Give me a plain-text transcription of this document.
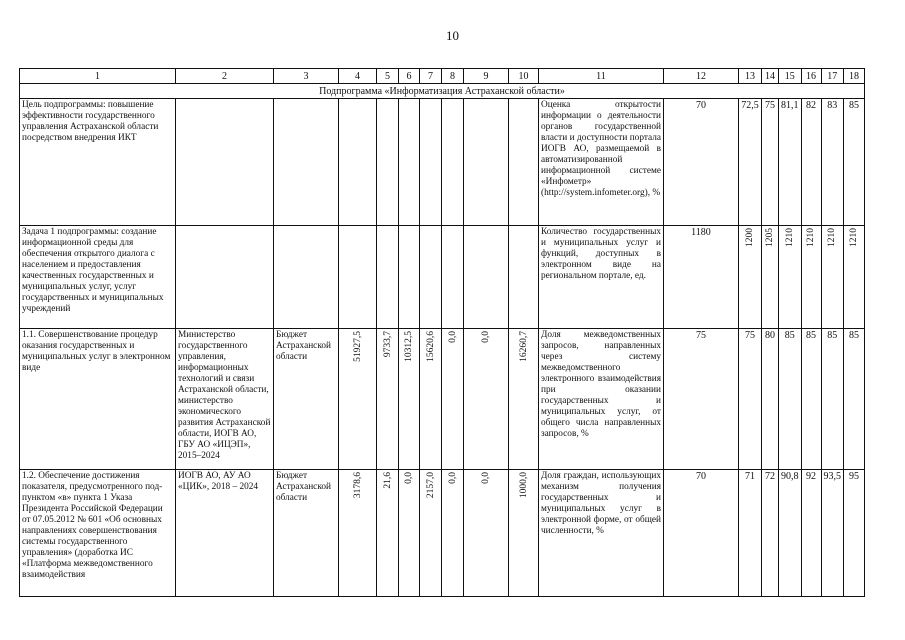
10
1	2	3	4	5	6	7	8	9	10	11	12	13	14	15	16	17	18
Подпрограмма «Информатизация Астраханской области»																	
Цель подпрограммы: повышение эффективности государственного управления Астраханской области посредством внедрения ИКТ										Оценка открытости информации о деятельности органов государственной власти и доступности портала ИОГВ АО, размещаемой в автоматизированной информационной системе «Инфометр» (http://system.infometer.org), %	70	72,5	75	81,1	82	83	85
Задача 1 подпрограммы: создание информационной среды для обеспечения открытого диалога с населением и предоставления качественных государственных и муниципальных услуг, услуг государственных и муниципальных учреждений										Количество государственных и муниципальных услуг и функций, доступных в электронном виде на региональном портале, ед.	1180	1200	1205	1210	1210	1210	1210
1.1. Совершенствование процедур оказания государственных и муниципальных услуг в электронном виде	Министерство государственного управления, информационных технологий и связи Астраханской области, министерство экономического развития Астраханской области, ИОГВ АО, ГБУ АО «ИЦЭП», 2015–2024	Бюджет Астраханской области	51927,5	9733,7	10312,5	15620,6	0,0	0,0	16260,7	Доля межведомственных запросов, направленных через систему межведомственного электронного взаимодействия при оказании государственных и муниципальных услуг, от общего числа направленных запросов, %	75	75	80	85	85	85	85
1.2. Обеспечение достижения показателя, предусмотренного под-пунктом «в» пункта 1 Указа Президента Российской Федерации от 07.05.2012 № 601 «Об основных направлениях совершенствования системы государственного управления» (доработка ИС «Платформа межведомственного взаимодействия	ИОГВ АО, АУ АО «ЦИК», 2018 – 2024	Бюджет Астраханской области	3178,6	21,6	0,0	2157,0	0,0	0,0	1000,0	Доля граждан, использующих механизм получения государственных и муниципальных услуг в электронной форме, от общей численности, %	70	71	72	90,8	92	93,5	95
